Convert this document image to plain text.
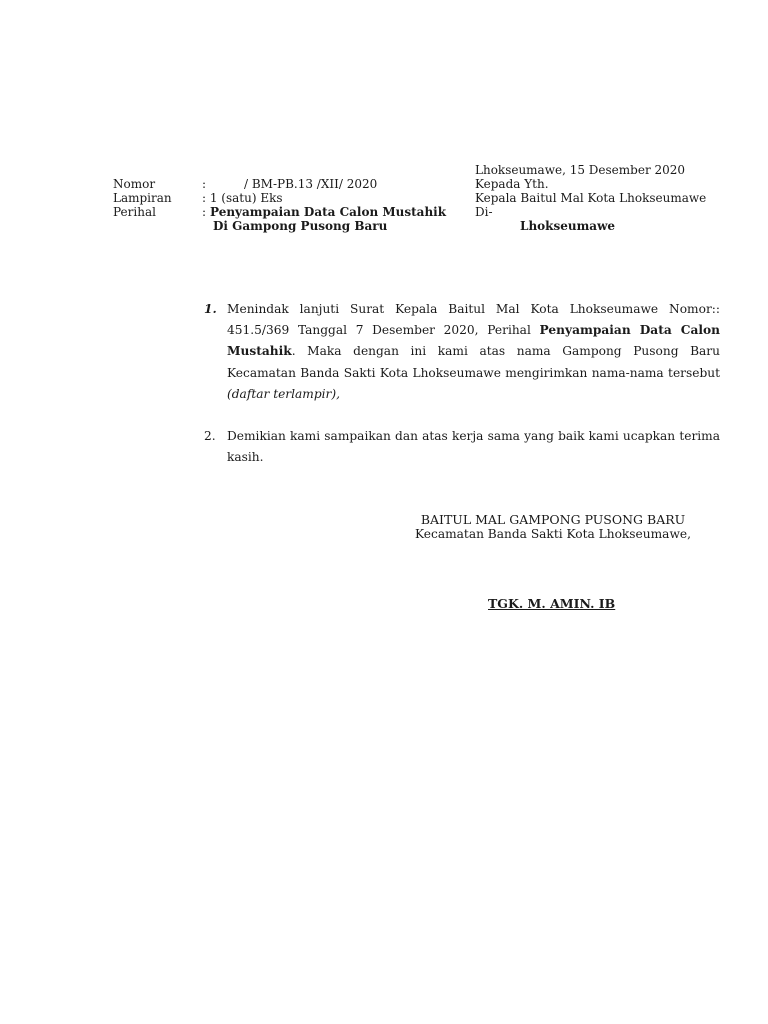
Lhokseumawe, 15 Desember 2020
Nomor	:	/ BM-PB.13 /XII/ 2020
Lampiran	: 1 (satu) Eks
Perihal	: Penyampaian Data Calon Mustahik
Di Gampong Pusong Baru
Kepada Yth.
Kepala Baitul Mal Kota Lhokseumawe
Di-
Lhokseumawe
1. Menindak lanjuti Surat Kepala Baitul Mal Kota Lhokseumawe Nomor:: 451.5/369 Tanggal 7 Desember 2020, Perihal Penyampaian Data Calon Mustahik. Maka dengan ini kami atas nama Gampong Pusong Baru Kecamatan Banda Sakti Kota Lhokseumawe mengirimkan nama-nama tersebut (daftar terlampir),
2. Demikian kami sampaikan dan atas kerja sama yang baik kami ucapkan terima kasih.
BAITUL MAL GAMPONG PUSONG BARU
Kecamatan Banda Sakti Kota Lhokseumawe,
TGK. M. AMIN. IB
